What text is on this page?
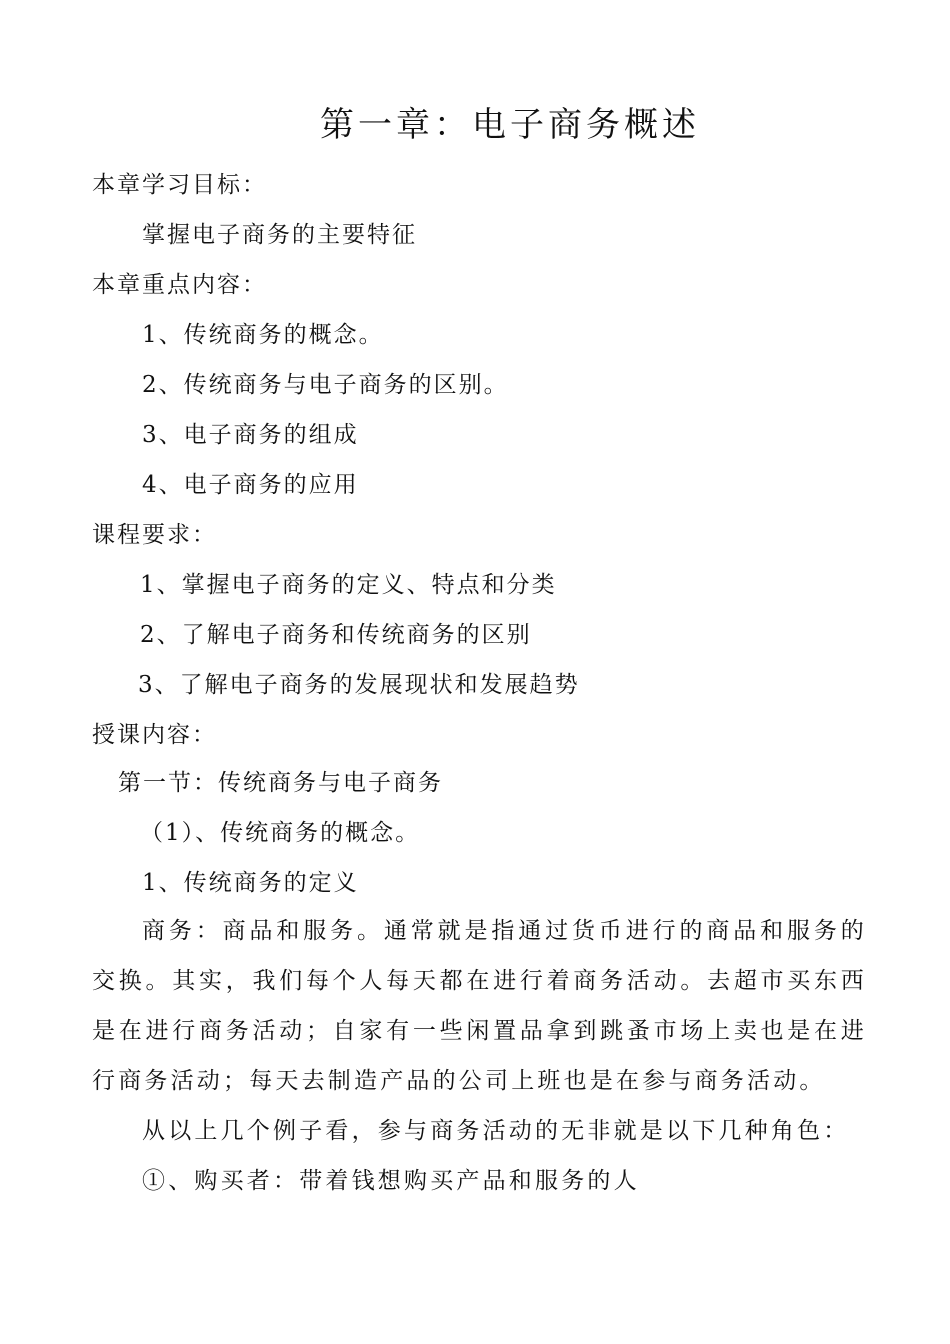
第一章：电子商务概述
本章学习目标：
掌握电子商务的主要特征
本章重点内容：
1、传统商务的概念。
2、传统商务与电子商务的区别。
3、电子商务的组成
4、电子商务的应用
课程要求：
1、掌握电子商务的定义、特点和分类
2、了解电子商务和传统商务的区别
3、了解电子商务的发展现状和发展趋势
授课内容：
第一节：传统商务与电子商务
（1）、传统商务的概念。
1、传统商务的定义
商务：商品和服务。通常就是指通过货币进行的商品和服务的交换。其实，我们每个人每天都在进行着商务活动。去超市买东西是在进行商务活动；自家有一些闲置品拿到跳蚤市场上卖也是在进行商务活动；每天去制造产品的公司上班也是在参与商务活动。
从以上几个例子看，参与商务活动的无非就是以下几种角色：
①、购买者：带着钱想购买产品和服务的人
